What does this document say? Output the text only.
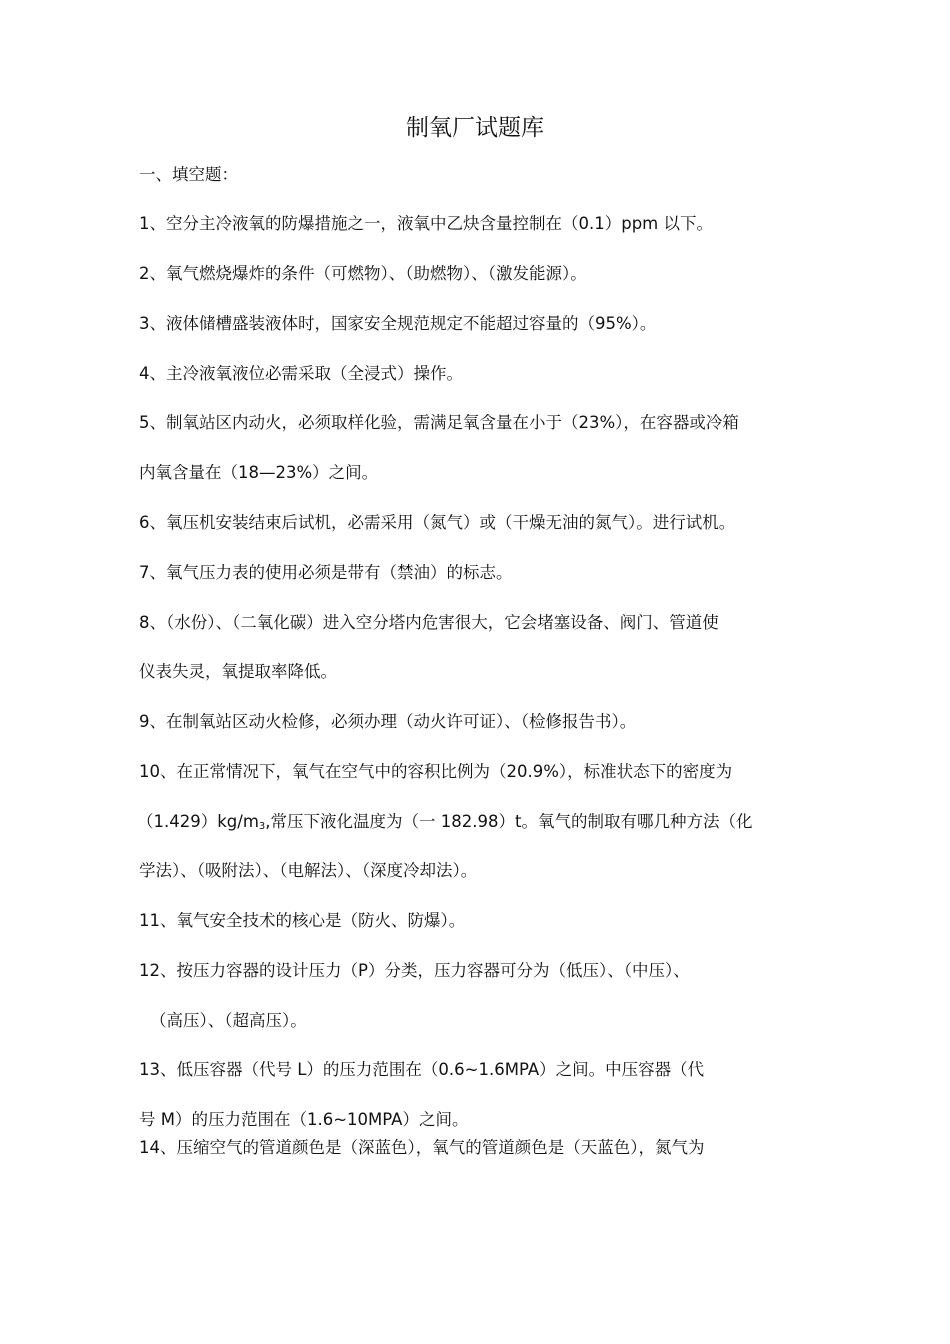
制氧厂试题库
一、填空题：
1、空分主冷液氧的防爆措施之一，液氧中乙炔含量控制在（0.1）ppm 以下。
2、氧气燃烧爆炸的条件（可燃物）、（助燃物）、（激发能源）。
3、液体储槽盛装液体时，国家安全规范规定不能超过容量的（95%）。
4、主冷液氧液位必需采取（全浸式）操作。
5、制氧站区内动火，必须取样化验，需满足氧含量在小于（23%），在容器或冷箱
内氧含量在（18—23%）之间。
6、氧压机安装结束后试机，必需采用（氮气）或（干燥无油的氮气）。进行试机。
7、氧气压力表的使用必须是带有（禁油）的标志。
8、（水份）、（二氧化碳）进入空分塔内危害很大，它会堵塞设备、阀门、管道使
仪表失灵，氧提取率降低。
9、在制氧站区动火检修，必须办理（动火许可证）、（检修报告书）。
10、在正常情况下，氧气在空气中的容积比例为（20.9%），标准状态下的密度为
$(1.429)kg/m_3$,常压下液化温度为（一 182.98）t。氧气的制取有哪几种方法（化
学法）、（吸附法）、（电解法）、（深度冷却法）。
11、氧气安全技术的核心是（防火、防爆）。
12、按压力容器的设计压力（P）分类，压力容器可分为（低压）、（中压）、
（高压）、（超高压）。
13、低压容器（代号 L）的压力范围在（0.6~1.6MPA）之间。中压容器（代
号 M）的压力范围在（1.6~10MPA）之间。
14、压缩空气的管道颜色是（深蓝色），氧气的管道颜色是（天蓝色），氮气为
